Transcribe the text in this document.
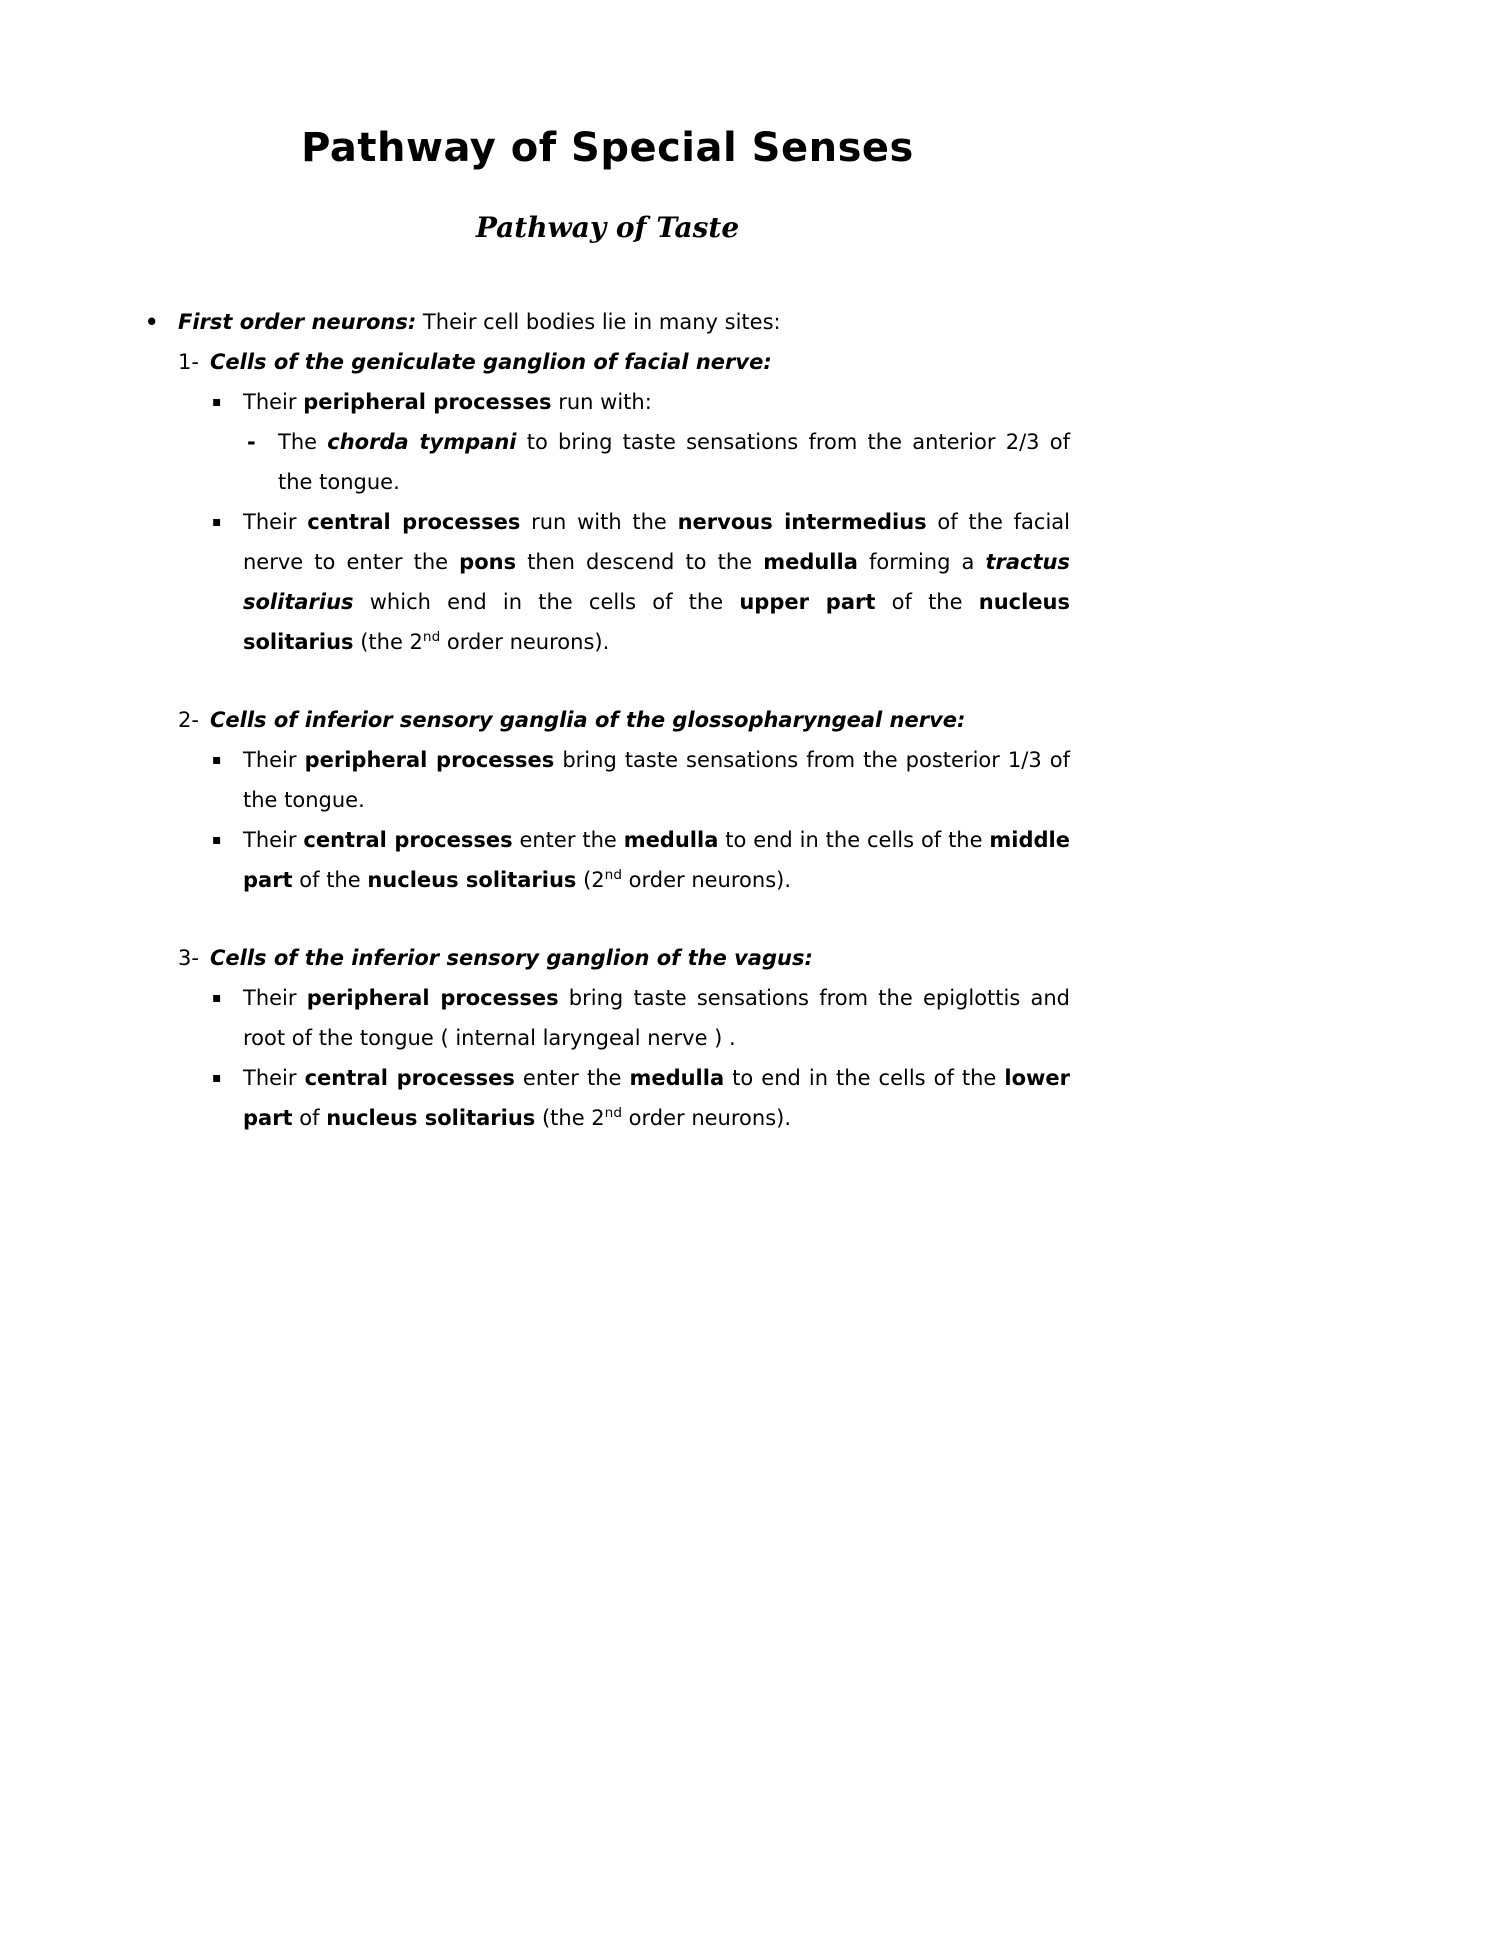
Pathway of Special Senses
Pathway of Taste
• First order neurons: Their cell bodies lie in many sites:
1- Cells of the geniculate ganglion of facial nerve:
▪	Their peripheral processes run with:
-	The chorda tympani to bring taste sensations from the anterior 2/3 of the tongue.
▪	Their central processes run with the nervous intermedius of the facial nerve to enter the pons then descend to the medulla forming a tractus solitarius which end in the cells of the upper part of the nucleus solitarius (the 2nd order neurons).
2- Cells of inferior sensory ganglia of the glossopharyngeal nerve:
▪	Their peripheral processes bring taste sensations from the posterior 1/3 of the tongue.
▪	Their central processes enter the medulla to end in the cells of the middle part of the nucleus solitarius (2nd order neurons).
3- Cells of the inferior sensory ganglion of the vagus:
▪	Their peripheral processes bring taste sensations from the epiglottis and root of the tongue ( internal laryngeal nerve ) .
▪	Their central processes enter the medulla to end in the cells of the lower part of nucleus solitarius (the 2nd order neurons).
